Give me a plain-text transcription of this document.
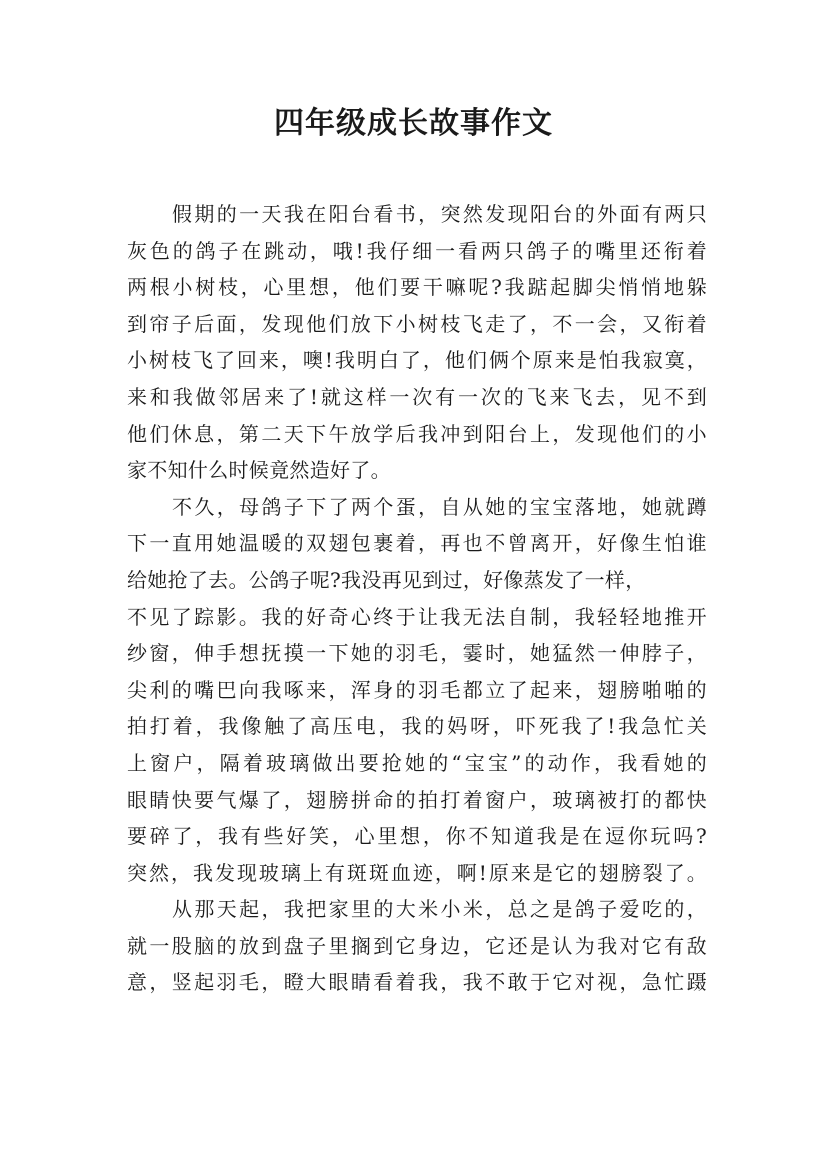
四年级成长故事作文
假期的一天我在阳台看书，突然发现阳台的外面有两只
灰色的鸽子在跳动，哦!我仔细一看两只鸽子的嘴里还衔着
两根小树枝，心里想，他们要干嘛呢?我踮起脚尖悄悄地躲
到帘子后面，发现他们放下小树枝飞走了，不一会，又衔着
小树枝飞了回来，噢!我明白了，他们俩个原来是怕我寂寞，
来和我做邻居来了!就这样一次有一次的飞来飞去，见不到
他们休息，第二天下午放学后我冲到阳台上，发现他们的小
家不知什么时候竟然造好了。
不久，母鸽子下了两个蛋，自从她的宝宝落地，她就蹲
下一直用她温暖的双翅包裹着，再也不曾离开，好像生怕谁
给她抢了去。公鸽子呢?我没再见到过，好像蒸发了一样，
不见了踪影。我的好奇心终于让我无法自制，我轻轻地推开
纱窗，伸手想抚摸一下她的羽毛，霎时，她猛然一伸脖子，
尖利的嘴巴向我啄来，浑身的羽毛都立了起来，翅膀啪啪的
拍打着，我像触了高压电，我的妈呀，吓死我了!我急忙关
上窗户，隔着玻璃做出要抢她的“宝宝”的动作，我看她的
眼睛快要气爆了，翅膀拼命的拍打着窗户，玻璃被打的都快
要碎了，我有些好笑，心里想，你不知道我是在逗你玩吗?
突然，我发现玻璃上有斑斑血迹，啊!原来是它的翅膀裂了。
从那天起，我把家里的大米小米，总之是鸽子爱吃的，
就一股脑的放到盘子里搁到它身边，它还是认为我对它有敌
意，竖起羽毛，瞪大眼睛看着我，我不敢于它对视，急忙蹑
